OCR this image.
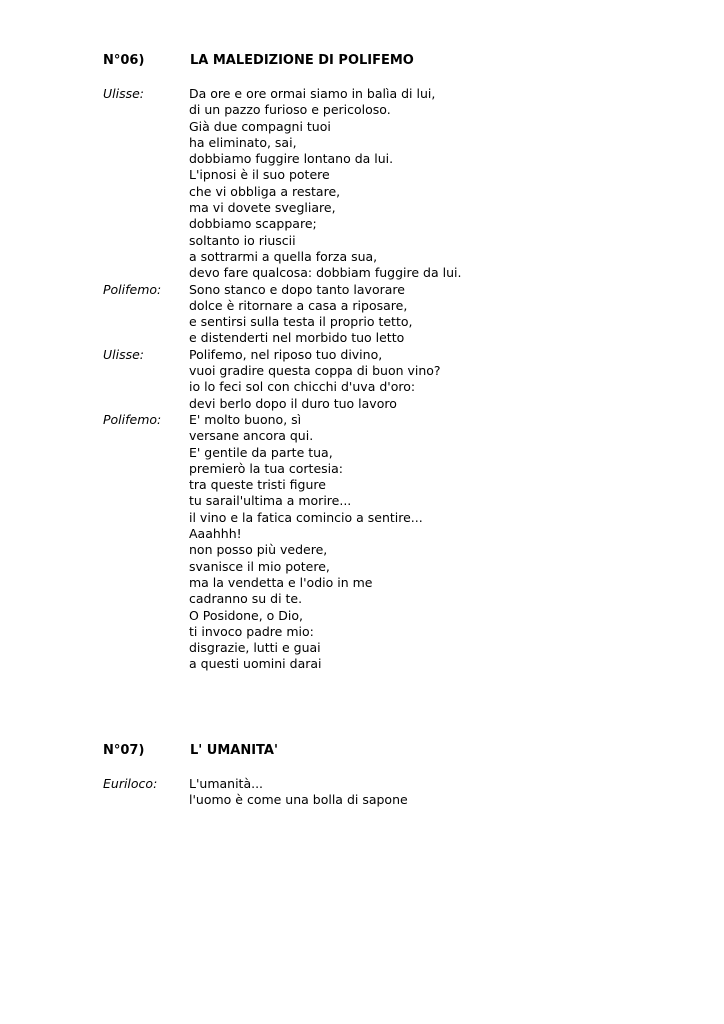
N°06)	LA MALEDIZIONE DI POLIFEMO
Ulisse:	Da ore e ore ormai siamo in balìa di lui,
di un pazzo furioso e pericoloso.
Già due compagni tuoi
ha eliminato, sai,
dobbiamo fuggire lontano da lui.
L'ipnosi è il suo potere
che vi obbliga a restare,
ma vi dovete svegliare,
dobbiamo scappare;
soltanto io riuscii
a sottrarmi a quella forza sua,
devo fare qualcosa: dobbiam fuggire da lui.
Polifemo: Sono stanco e dopo tanto lavorare
dolce è ritornare a casa a riposare,
e sentirsi sulla testa il proprio tetto,
e distenderti nel morbido tuo letto
Ulisse:	Polifemo, nel riposo tuo divino,
vuoi gradire questa coppa di buon vino?
io lo feci sol con chicchi d'uva d'oro:
devi berlo dopo il duro tuo lavoro
Polifemo: E' molto buono, sì
versane ancora qui.
E' gentile da parte tua,
premierò la tua cortesia:
tra queste tristi figure
tu sarail'ultima a morire...
il vino e la fatica comincio a sentire...
Aaahhh!
non posso più vedere,
svanisce il mio potere,
ma la vendetta e l'odio in me
cadranno su di te.
O Posidone, o Dio,
ti invoco padre mio:
disgrazie, lutti e guai
a questi uomini darai
N°07)	L' UMANITA'
Euriloco:	L'umanità...
l'uomo è come una bolla di sapone
